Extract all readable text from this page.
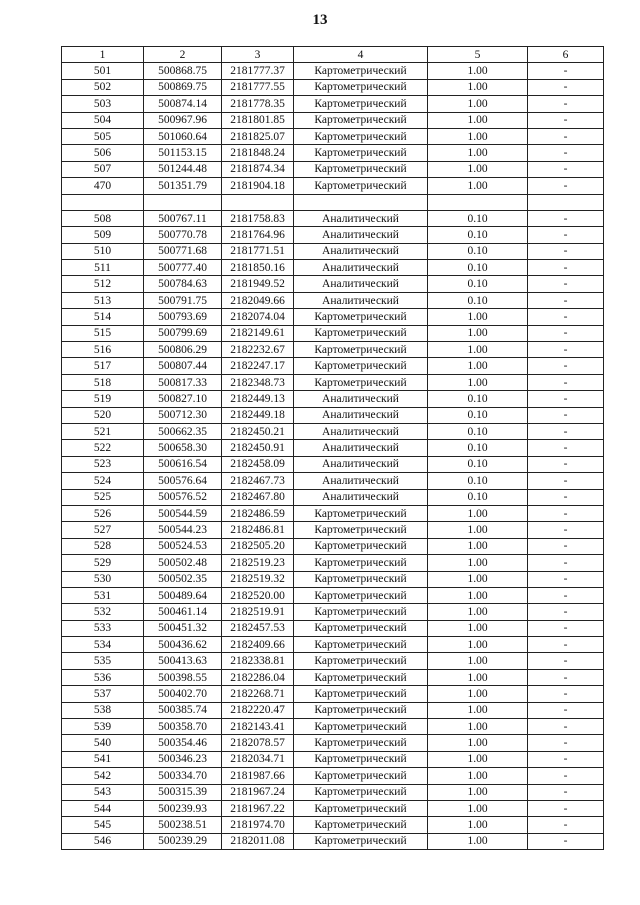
13
1	2	3	4	5	6
501	500868.75	2181777.37	Картометрический	1.00	-
502	500869.75	2181777.55	Картометрический	1.00	-
503	500874.14	2181778.35	Картометрический	1.00	-
504	500967.96	2181801.85	Картометрический	1.00	-
505	501060.64	2181825.07	Картометрический	1.00	-
506	501153.15	2181848.24	Картометрический	1.00	-
507	501244.48	2181874.34	Картометрический	1.00	-
470	501351.79	2181904.18	Картометрический	1.00	-

508	500767.11	2181758.83	Аналитический	0.10	-
509	500770.78	2181764.96	Аналитический	0.10	-
510	500771.68	2181771.51	Аналитический	0.10	-
511	500777.40	2181850.16	Аналитический	0.10	-
512	500784.63	2181949.52	Аналитический	0.10	-
513	500791.75	2182049.66	Аналитический	0.10	-
514	500793.69	2182074.04	Картометрический	1.00	-
515	500799.69	2182149.61	Картометрический	1.00	-
516	500806.29	2182232.67	Картометрический	1.00	-
517	500807.44	2182247.17	Картометрический	1.00	-
518	500817.33	2182348.73	Картометрический	1.00	-
519	500827.10	2182449.13	Аналитический	0.10	-
520	500712.30	2182449.18	Аналитический	0.10	-
521	500662.35	2182450.21	Аналитический	0.10	-
522	500658.30	2182450.91	Аналитический	0.10	-
523	500616.54	2182458.09	Аналитический	0.10	-
524	500576.64	2182467.73	Аналитический	0.10	-
525	500576.52	2182467.80	Аналитический	0.10	-
526	500544.59	2182486.59	Картометрический	1.00	-
527	500544.23	2182486.81	Картометрический	1.00	-
528	500524.53	2182505.20	Картометрический	1.00	-
529	500502.48	2182519.23	Картометрический	1.00	-
530	500502.35	2182519.32	Картометрический	1.00	-
531	500489.64	2182520.00	Картометрический	1.00	-
532	500461.14	2182519.91	Картометрический	1.00	-
533	500451.32	2182457.53	Картометрический	1.00	-
534	500436.62	2182409.66	Картометрический	1.00	-
535	500413.63	2182338.81	Картометрический	1.00	-
536	500398.55	2182286.04	Картометрический	1.00	-
537	500402.70	2182268.71	Картометрический	1.00	-
538	500385.74	2182220.47	Картометрический	1.00	-
539	500358.70	2182143.41	Картометрический	1.00	-
540	500354.46	2182078.57	Картометрический	1.00	-
541	500346.23	2182034.71	Картометрический	1.00	-
542	500334.70	2181987.66	Картометрический	1.00	-
543	500315.39	2181967.24	Картометрический	1.00	-
544	500239.93	2181967.22	Картометрический	1.00	-
545	500238.51	2181974.70	Картометрический	1.00	-
546	500239.29	2182011.08	Картометрический	1.00	-
